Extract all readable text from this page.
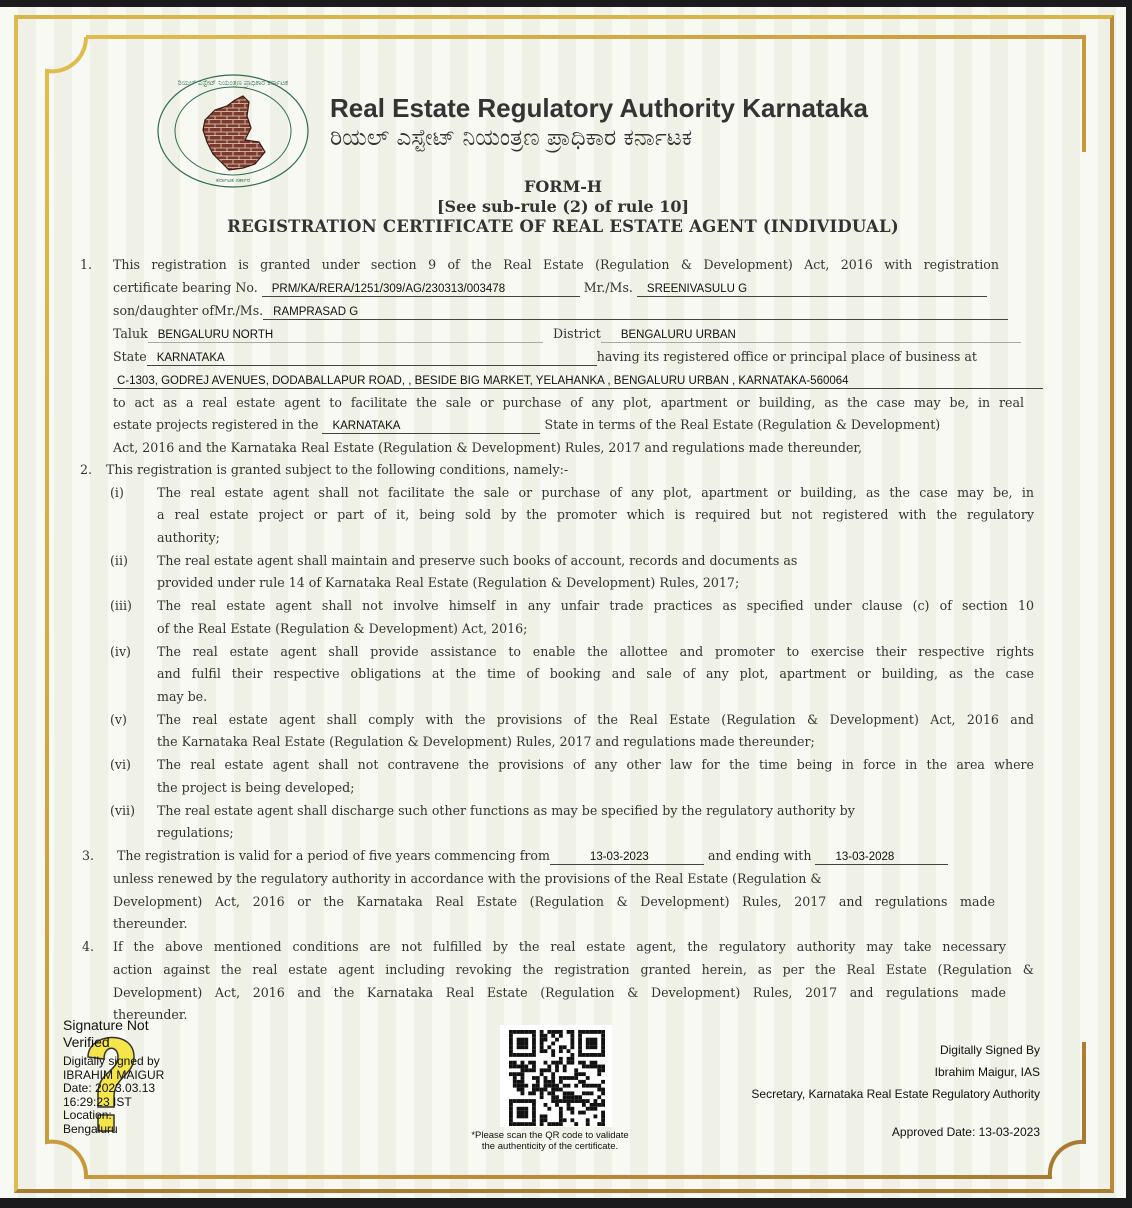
ರಿಯಲ್ ಎಸ್ಟೇಟ್ ನಿಯಂತ್ರಣ ಪ್ರಾಧಿಕಾರ ಕರ್ನಾಟಕ
ಕರ್ನಾಟಕ ಸರ್ಕಾರ
Real Estate Regulatory Authority Karnataka
ರಿಯಲ್ ಎಸ್ಟೇಟ್ ನಿಯಂತ್ರಣ ಪ್ರಾಧಿಕಾರ ಕರ್ನಾಟಕ
FORM-H
[See sub-rule (2) of rule 10]
REGISTRATION CERTIFICATE OF REAL ESTATE AGENT (INDIVIDUAL)
1. This registration is granted under section 9 of the Real Estate (Regulation & Development) Act, 2016 with registration
certificate bearing No. PRM/KA/RERA/1251/309/AG/230313/003478	Mr./Ms. SREENIVASULU G
son/daughter ofMr./Ms. RAMPRASAD G
Taluk BENGALURU NORTH	District BENGALURU URBAN
State KARNATAKA	having its registered office or principal place of business at
C-1303, GODREJ AVENUES, DODABALLAPUR ROAD, , BESIDE BIG MARKET, YELAHANKA , BENGALURU URBAN , KARNATAKA-560064
to act as a real estate agent to facilitate the sale or purchase of any plot, apartment or building, as the case may be, in real
estate projects registered in the KARNATAKA	State in terms of the Real Estate (Regulation & Development)
Act, 2016 and the Karnataka Real Estate (Regulation & Development) Rules, 2017 and regulations made thereunder,
2. This registration is granted subject to the following conditions, namely:-
(i)	The real estate agent shall not facilitate the sale or purchase of any plot, apartment or building, as the case may be, in
a real estate project or part of it, being sold by the promoter which is required but not registered with the regulatory
authority;
(ii) The real estate agent shall maintain and preserve such books of account, records and documents as
provided under rule 14 of Karnataka Real Estate (Regulation & Development) Rules, 2017;
(iii) The real estate agent shall not involve himself in any unfair trade practices as specified under clause (c) of section 10
of the Real Estate (Regulation & Development) Act, 2016;
(iv) The real estate agent shall provide assistance to enable the allottee and promoter to exercise their respective rights
and fulfil their respective obligations at the time of booking and sale of any plot, apartment or building, as the case
may be.
(v) The real estate agent shall comply with the provisions of the Real Estate (Regulation & Development) Act, 2016 and
the Karnataka Real Estate (Regulation & Development) Rules, 2017 and regulations made thereunder;
(vi) The real estate agent shall not contravene the provisions of any other law for the time being in force in the area where
the project is being developed;
(vii) The real estate agent shall discharge such other functions as may be specified by the regulatory authority by
regulations;
3. The registration is valid for a period of five years commencing from	13-03-2023	and ending with 13-03-2028
unless renewed by the regulatory authority in accordance with the provisions of the Real Estate (Regulation &
Development) Act, 2016 or the Karnataka Real Estate (Regulation & Development) Rules, 2017 and regulations made
thereunder.
4. If the above mentioned conditions are not fulfilled by the real estate agent, the regulatory authority may take necessary
action against the real estate agent including revoking the registration granted herein, as per the Real Estate (Regulation &
Development) Act, 2016 and the Karnataka Real Estate (Regulation & Development) Rules, 2017 and regulations made
thereunder.
Signature Not
Verified
Digitally signed by
IBRAHIM MAIGUR
Date: 2023.03.13
16:29:23 IST
Location:
Bengaluru	*Please scan the QR code to validate
the authenticity of the certificate.
Digitally Signed By
Ibrahim Maigur, IAS
Secretary, Karnataka Real Estate Regulatory Authority
Approved Date: 13-03-2023
